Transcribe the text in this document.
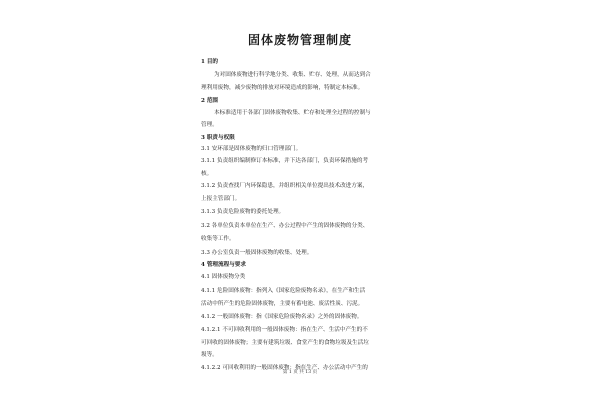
固体废物管理制度
1 目的
为对固体废物进行科学地分类、收集、贮存、处理，从而达到合
理利用废物，减少废物的排放对环境造成的影响，特制定本标准。
2 范围
本标准适用于各部门固体废物收集、贮存和处理全过程的控制与
管理。
3 职责与权限
3.1 安环部是固体废物的归口管理部门。
3.1.1 负责组织编制修订本标准，并下达各部门，负责环保措施的考
核。
3.1.2 负责查找厂内环保隐患，并组织相关单位提出技术改进方案，
上报主管部门。
3.1.3 负责危险废物的委托处理。
3.2 各单位负责本单位在生产、办公过程中产生的固体废物的分类、
收集等工作。
3.3 办公室负责一般固体废物的收集、处理。
4 管理流程与要求
4.1 固体废物分类
4.1.1 危险固体废物：指列入《国家危险废物名录》，在生产和生活
活动中所产生的危险固体废物，主要有蓄电池、废活性炭、污泥。
4.1.2 一般固体废物：指《国家危险废物名录》之外的固体废物。
4.1.2.1 不可回收利用的一般固体废物：指在生产、生活中产生的不
可回收的固体废物；主要有建筑垃圾、食堂产生的食物垃圾及生活垃
圾等。
4.1.2.2 可回收利用的一般固体废物：指在生产、办公活动中产生的
第 1 页 共 13 页
